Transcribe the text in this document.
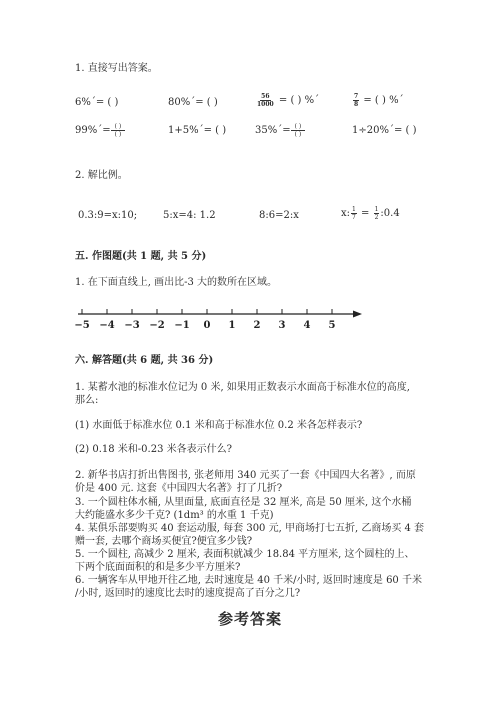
1. 直接写出答案。
6%ˊ= ( )	80%ˊ= ( )	$\frac{56}{1000}$ = ( ) %ˊ	$\frac{7}{8}$ = ( ) %ˊ
99%ˊ= $\frac{( )}{( )}$	1+5%ˊ= ( )	35%ˊ= $\frac{( )}{( )}$	1÷20%ˊ= ( )
2. 解比例。
0.3:9=x:10;	5:x=4: 1.2	8:6=2:x	x: $\frac{1}{7} = \frac{1}{2}$ :0.4
五. 作图题(共 1 题, 共 5 分)
1. 在下面直线上, 画出比-3 大的数所在区域。
−5 −4 −3 −2 −1 0 1 2 3 4 5
六. 解答题(共 6 题, 共 36 分)
1. 某蓄水池的标准水位记为 0 米, 如果用正数表示水面高于标准水位的高度,
那么:
(1) 水面低于标准水位 0.1 米和高于标准水位 0.2 米各怎样表示?
(2) 0.18 米和-0.23 米各表示什么?
2. 新华书店打折出售图书, 张老师用 340 元买了一套《中国四大名著》, 而原
价是 400 元. 这套《中国四大名著》打了几折?
3. 一个圆柱体水桶, 从里面量, 底面直径是 32 厘米, 高是 50 厘米, 这个水桶
大约能盛水多少千克? (1dm³ 的水重 1 千克)
4. 某俱乐部要购买 40 套运动服, 每套 300 元, 甲商场打七五折, 乙商场买 4 套
赠一套, 去哪个商场买便宜?便宜多少钱?
5. 一个圆柱, 高减少 2 厘米, 表面积就减少 18.84 平方厘米, 这个圆柱的上、
下两个底面面积的和是多少平方厘米?
6. 一辆客车从甲地开往乙地, 去时速度是 40 千米/小时, 返回时速度是 60 千米
/小时, 返回时的速度比去时的速度提高了百分之几?
参考答案
